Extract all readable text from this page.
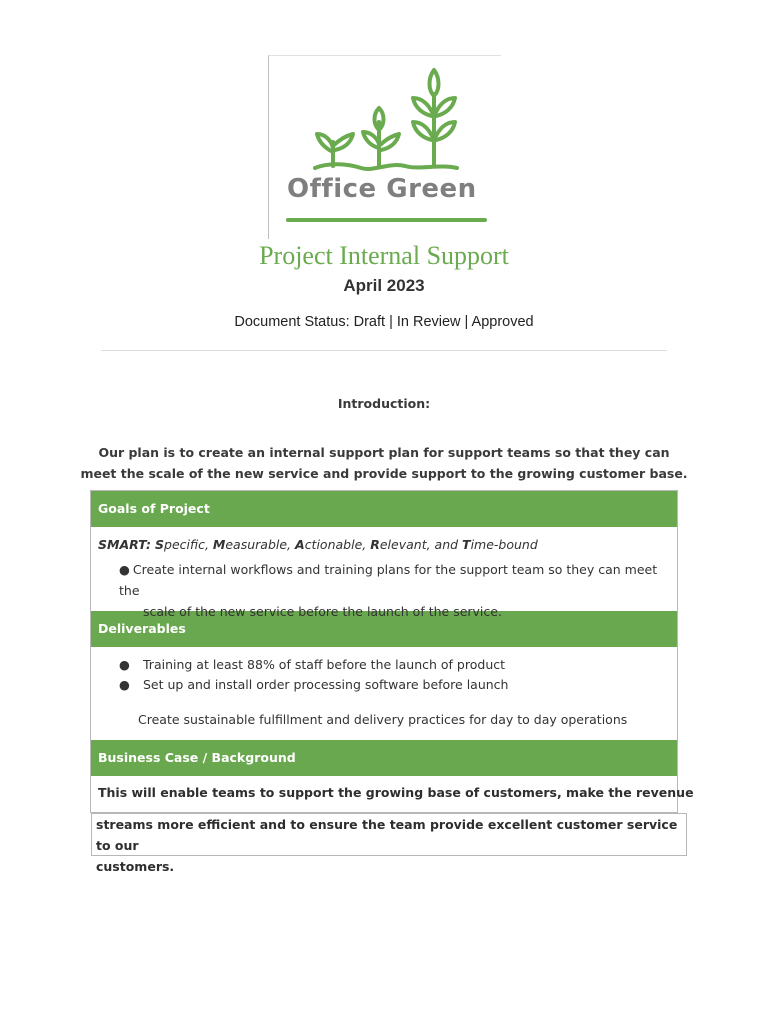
Office Green
Project Internal Support
April 2023
Document Status: Draft | In Review | Approved
Introduction:
Our plan is to create an internal support plan for support teams so that they can meet the scale of the new service and provide support to the growing customer base.
Goals of Project
SMART: Specific, Measurable, Actionable, Relevant, and Time-bound
● Create internal workflows and training plans for the support team so they can meet the
scale of the new service before the launch of the service.
Deliverables
● Training at least 88% of staff before the launch of product
● Set up and install order processing software before launch
Create sustainable fulfillment and delivery practices for day to day operations
Business Case / Background
This will enable teams to support the growing base of customers, make the revenue
streams more efficient and to ensure the team provide excellent customer service to our
customers.
